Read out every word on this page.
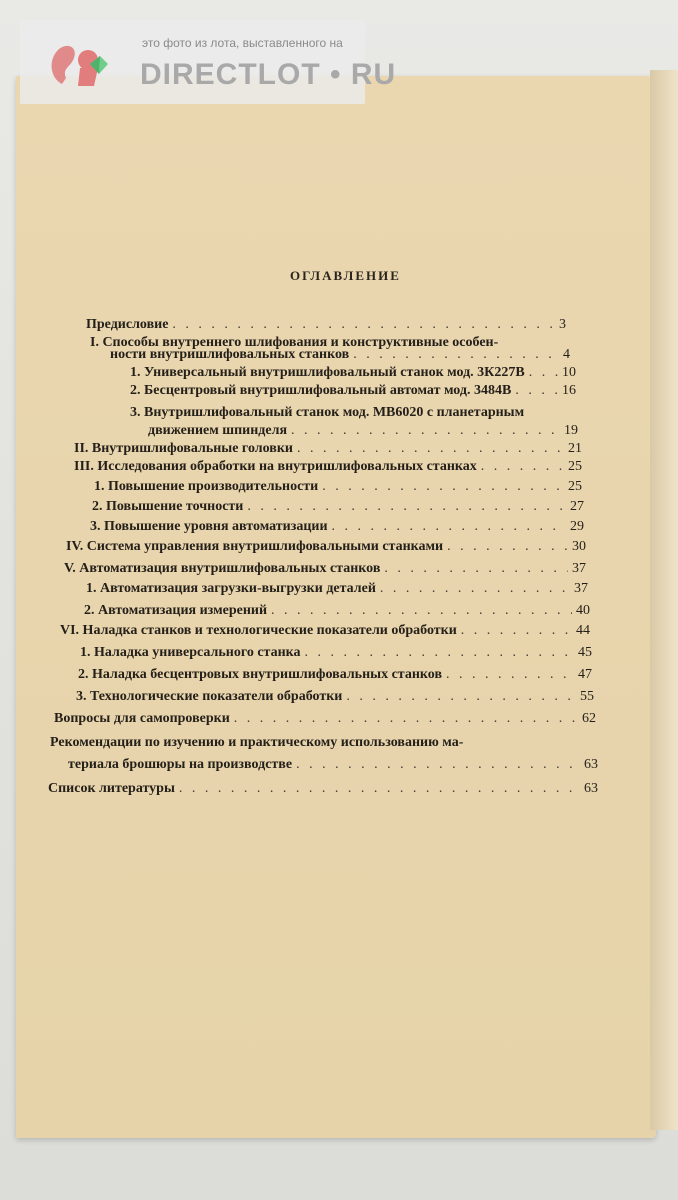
это фото из лота, выставленного на
DIRECTLOT • RU
ОГЛАВЛЕНИЕ
Предисловие . . .	3
I. Способы внутреннего шлифования и конструктивные особен-
ности внутришлифовальных станков . . .	4
1. Универсальный внутришлифовальный станок мод. 3К227В . . .	10
2. Бесцентровый внутришлифовальный автомат мод. 3484В . . .	16
3. Внутришлифовальный станок мод. МВ6020 с планетарным
движением шпинделя . . .	19
II. Внутришлифовальные головки . . .	21
III. Исследования обработки на внутришлифовальных станках . . .	25
1. Повышение производительности . . .	25
2. Повышение точности . . .	27
3. Повышение уровня автоматизации . . .	29
IV. Система управления внутришлифовальными станками . . .	30
V. Автоматизация внутришлифовальных станков . . .	37
1. Автоматизация загрузки-выгрузки деталей . . .	37
2. Автоматизация измерений . . .	40
VI. Наладка станков и технологические показатели обработки . . .	44
1. Наладка универсального станка . . .	45
2. Наладка бесцентровых внутришлифовальных станков . . .	47
3. Технологические показатели обработки . . .	55
Вопросы для самопроверки . . .	62
Рекомендации по изучению и практическому использованию ма-
териала брошюры на производстве . . .	63
Список литературы . . .	63
